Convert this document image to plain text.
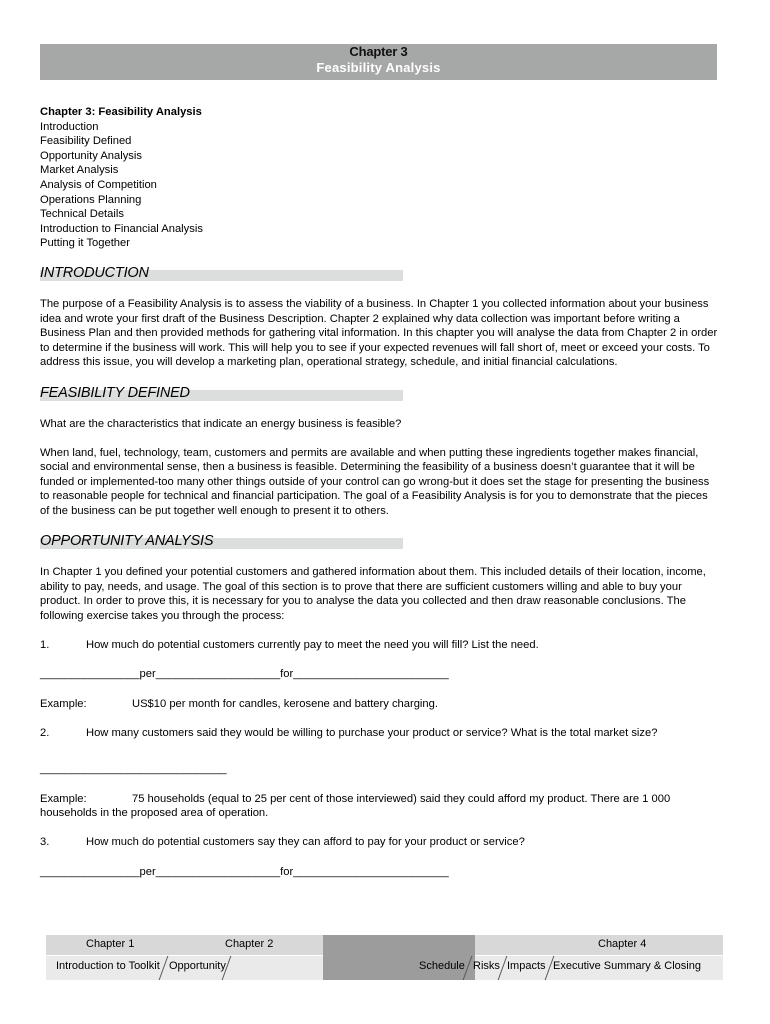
Chapter 3
Feasibility Analysis
Chapter 3: Feasibility Analysis
Introduction
Feasibility Defined
Opportunity Analysis
Market Analysis
Analysis of Competition
Operations Planning
Technical Details
Introduction to Financial Analysis
Putting it Together
INTRODUCTION

The purpose of a Feasibility Analysis is to assess the viability of a business. In Chapter 1 you collected information about your business idea and wrote your first draft of the Business Description. Chapter 2 explained why data collection was important before writing a Business Plan and then provided methods for gathering vital information. In this chapter you will analyse the data from Chapter 2 in order to determine if the business will work. This will help you to see if your expected revenues will fall short of, meet or exceed your costs. To address this issue, you will develop a marketing plan, operational strategy, schedule, and initial financial calculations.

FEASIBILITY DEFINED

What are the characteristics that indicate an energy business is feasible?

When land, fuel, technology, team, customers and permits are available and when putting these ingredients together makes financial, social and environmental sense, then a business is feasible. Determining the feasibility of a business doesn’t guarantee that it will be funded or implemented-too many other things outside of your control can go wrong-but it does set the stage for presenting the business to reasonable people for technical and financial participation. The goal of a Feasibility Analysis is for you to demonstrate that the pieces of the business can be put together well enough to present it to others.

OPPORTUNITY ANALYSIS

In Chapter 1 you defined your potential customers and gathered information about them. This included details of their location, income, ability to pay, needs, and usage. The goal of this section is to prove that there are sufficient customers willing and able to buy your product. In order to prove this, it is necessary for you to analyse the data you collected and then draw reasonable conclusions. The following exercise takes you through the process:

1.	How much do potential customers currently pay to meet the need you will fill? List the need.

________________per____________________for_________________________

Example:	US$10 per month for candles, kerosene and battery charging.

2.	How many customers said they would be willing to purchase your product or service? What is the total market size?

______________________________

Example:	75 households (equal to 25 per cent of those interviewed) said they could afford my product. There are 1 000 households in the proposed area of operation.

3.	How much do potential customers say they can afford to pay for your product or service?

________________per____________________for_________________________
Chapter 1	Chapter 2	Chapter 4
Introduction to Toolkit Opportunity	Schedule Risks Impacts Executive Summary & Closing
